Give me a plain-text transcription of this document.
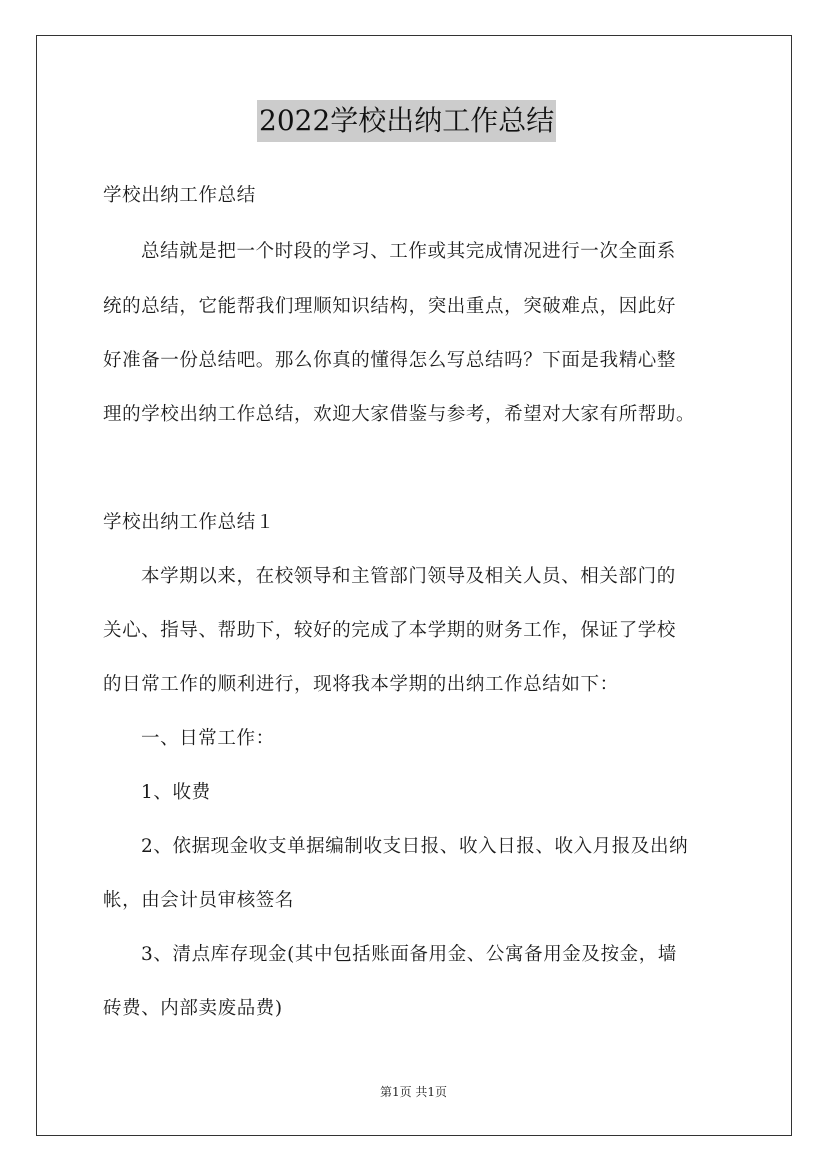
2022学校出纳工作总结
学校出纳工作总结
总结就是把一个时段的学习、工作或其完成情况进行一次全面系
统的总结，它能帮我们理顺知识结构，突出重点，突破难点，因此好
好准备一份总结吧。那么你真的懂得怎么写总结吗？下面是我精心整
理的学校出纳工作总结，欢迎大家借鉴与参考，希望对大家有所帮助。
学校出纳工作总结１
本学期以来，在校领导和主管部门领导及相关人员、相关部门的
关心、指导、帮助下，较好的完成了本学期的财务工作，保证了学校
的日常工作的顺利进行，现将我本学期的出纳工作总结如下：
一、日常工作：
1、收费
2、依据现金收支单据编制收支日报、收入日报、收入月报及出纳
帐，由会计员审核签名
3、清点库存现金(其中包括账面备用金、公寓备用金及按金，墙
砖费、内部卖废品费)
第1页 共1页
